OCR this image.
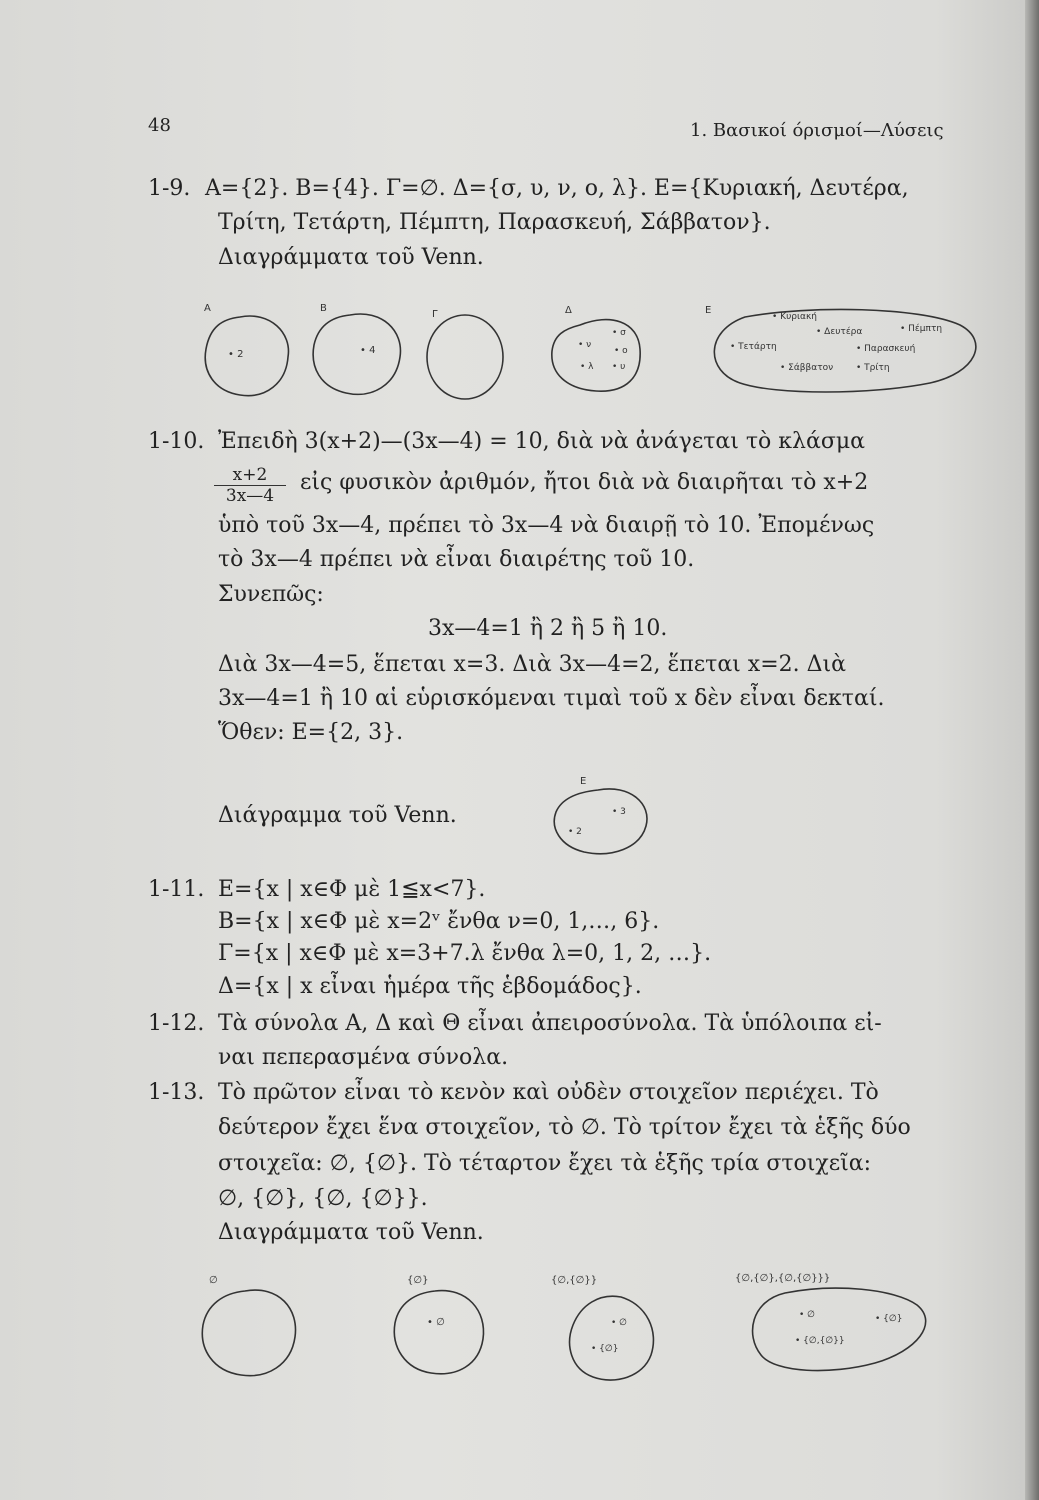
48	1. Βασικοί όρισμοί—Λύσεις
1-9. A={2}. B={4}. Γ=∅. Δ={σ, υ, ν, ο, λ}. E={Κυριακή, Δευτέρα,
Τρίτη, Τετάρτη, Πέμπτη, Παρασκευή, Σάββατον}.
Διαγράμματα τοῦ Venn.
A
• 2
B
• 4
Γ	Δ
• σ
• ν
• ο
• λ • υ
E
• Κυριακή
• Δευτέρα	• Πέμπτη
• Τετάρτη	• Παρασκευή
• Σάββατον	• Τρίτη
1-10. Ἐπειδὴ 3(x+2)—(3x—4) = 10, διὰ νὰ ἀνάγεται τὸ κλάσμα
$\frac{x+2}{3x—4}$ εἰς φυσικὸν ἀριθμόν, ἤτοι διὰ νὰ διαιρῆται τὸ x+2
ὑπὸ τοῦ 3x—4, πρέπει τὸ 3x—4 νὰ διαιρῇ τὸ 10. Ἐπομένως
τὸ 3x—4 πρέπει νὰ εἶναι διαιρέτης τοῦ 10.
Συνεπῶς:
3x—4=1 ἢ 2 ἢ 5 ἢ 10.
Διὰ 3x—4=5, ἕπεται x=3. Διὰ 3x—4=2, ἕπεται x=2. Διὰ
3x—4=1 ἢ 10 αἱ εὑρισκόμεναι τιμαὶ τοῦ x δὲν εἶναι δεκταί.
Ὅθεν: E={2, 3}.
Διάγραμμα τοῦ Venn.
E
• 3
• 2
1-11. E={x | x∈Φ μὲ 1≦x<7}.
B={x | x∈Φ μὲ x=2ᵛ ἔνθα ν=0, 1,…, 6}.
Γ={x | x∈Φ μὲ x=3+7.λ ἔνθα λ=0, 1, 2, …}.
Δ={x | x εἶναι ἡμέρα τῆς ἑβδομάδος}.
1-12. Τὰ σύνολα A, Δ καὶ Θ εἶναι ἀπειροσύνολα. Τὰ ὑπόλοιπα εἰ-
ναι πεπερασμένα σύνολα.
1-13. Τὸ πρῶτον εἶναι τὸ κενὸν καὶ οὐδὲν στοιχεῖον περιέχει. Τὸ
δεύτερον ἔχει ἕνα στοιχεῖον, τὸ ∅. Τὸ τρίτον ἔχει τὰ ἑξῆς δύο
στοιχεῖα: ∅, {∅}. Τὸ τέταρτον ἔχει τὰ ἑξῆς τρία στοιχεῖα:
∅, {∅}, {∅, {∅}}.
Διαγράμματα τοῦ Venn.
∅	{∅}
• ∅
{∅,{∅}}
• ∅
• {∅}
{∅,{∅},{∅,{∅}}}
• ∅	• {∅}
• {∅,{∅}}
